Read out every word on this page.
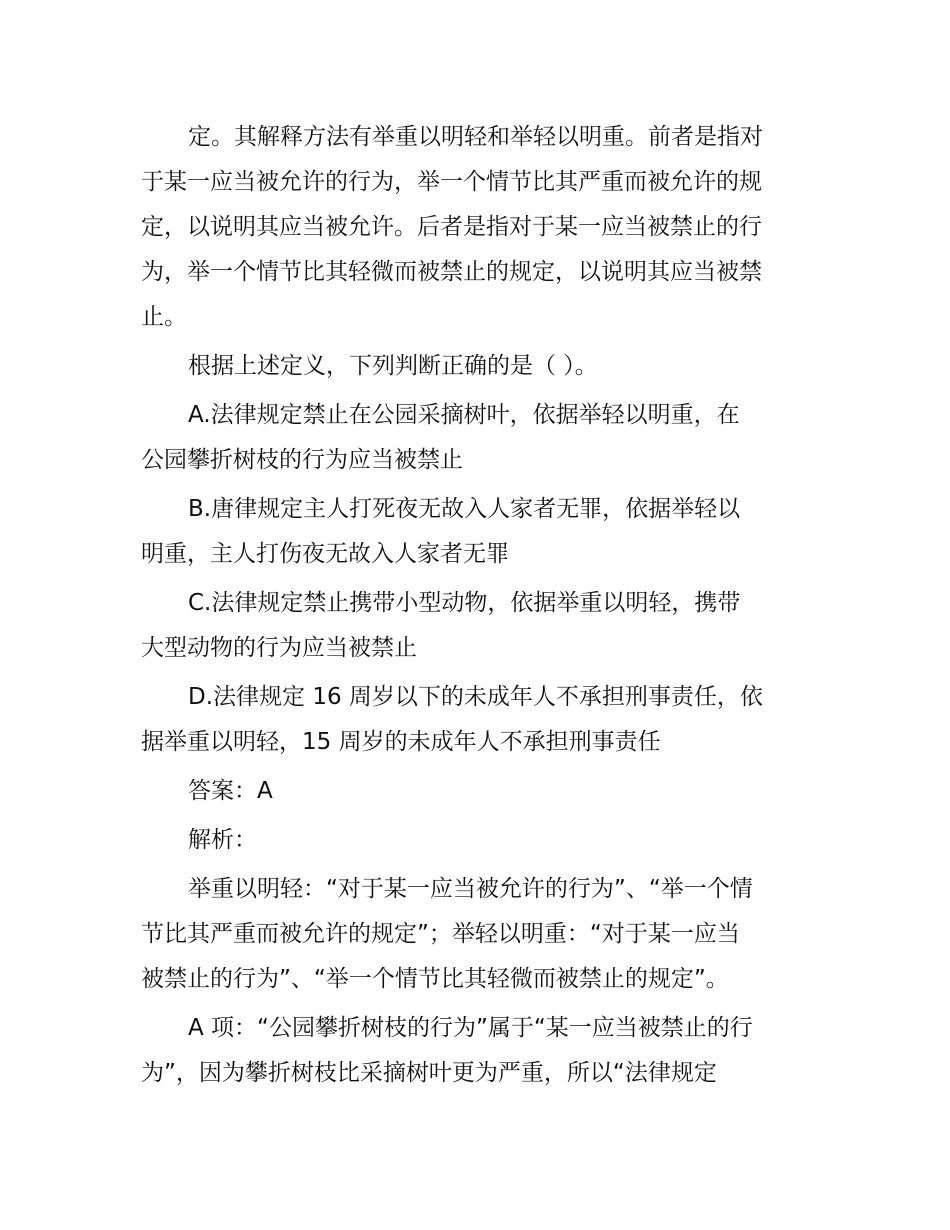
定。其解释方法有举重以明轻和举轻以明重。前者是指对
于某一应当被允许的行为，举一个情节比其严重而被允许的规
定，以说明其应当被允许。后者是指对于某一应当被禁止的行
为，举一个情节比其轻微而被禁止的规定，以说明其应当被禁
止。
根据上述定义，下列判断正确的是（ ）。
A.法律规定禁止在公园采摘树叶，依据举轻以明重，在
公园攀折树枝的行为应当被禁止
B.唐律规定主人打死夜无故入人家者无罪，依据举轻以
明重，主人打伤夜无故入人家者无罪
C.法律规定禁止携带小型动物，依据举重以明轻，携带
大型动物的行为应当被禁止
D.法律规定 16 周岁以下的未成年人不承担刑事责任，依
据举重以明轻，15 周岁的未成年人不承担刑事责任
答案：A
解析：
举重以明轻：“对于某一应当被允许的行为”、“举一个情
节比其严重而被允许的规定”；举轻以明重：“对于某一应当
被禁止的行为”、“举一个情节比其轻微而被禁止的规定”。
A 项：“公园攀折树枝的行为”属于“某一应当被禁止的行
为”，因为攀折树枝比采摘树叶更为严重，所以“法律规定
